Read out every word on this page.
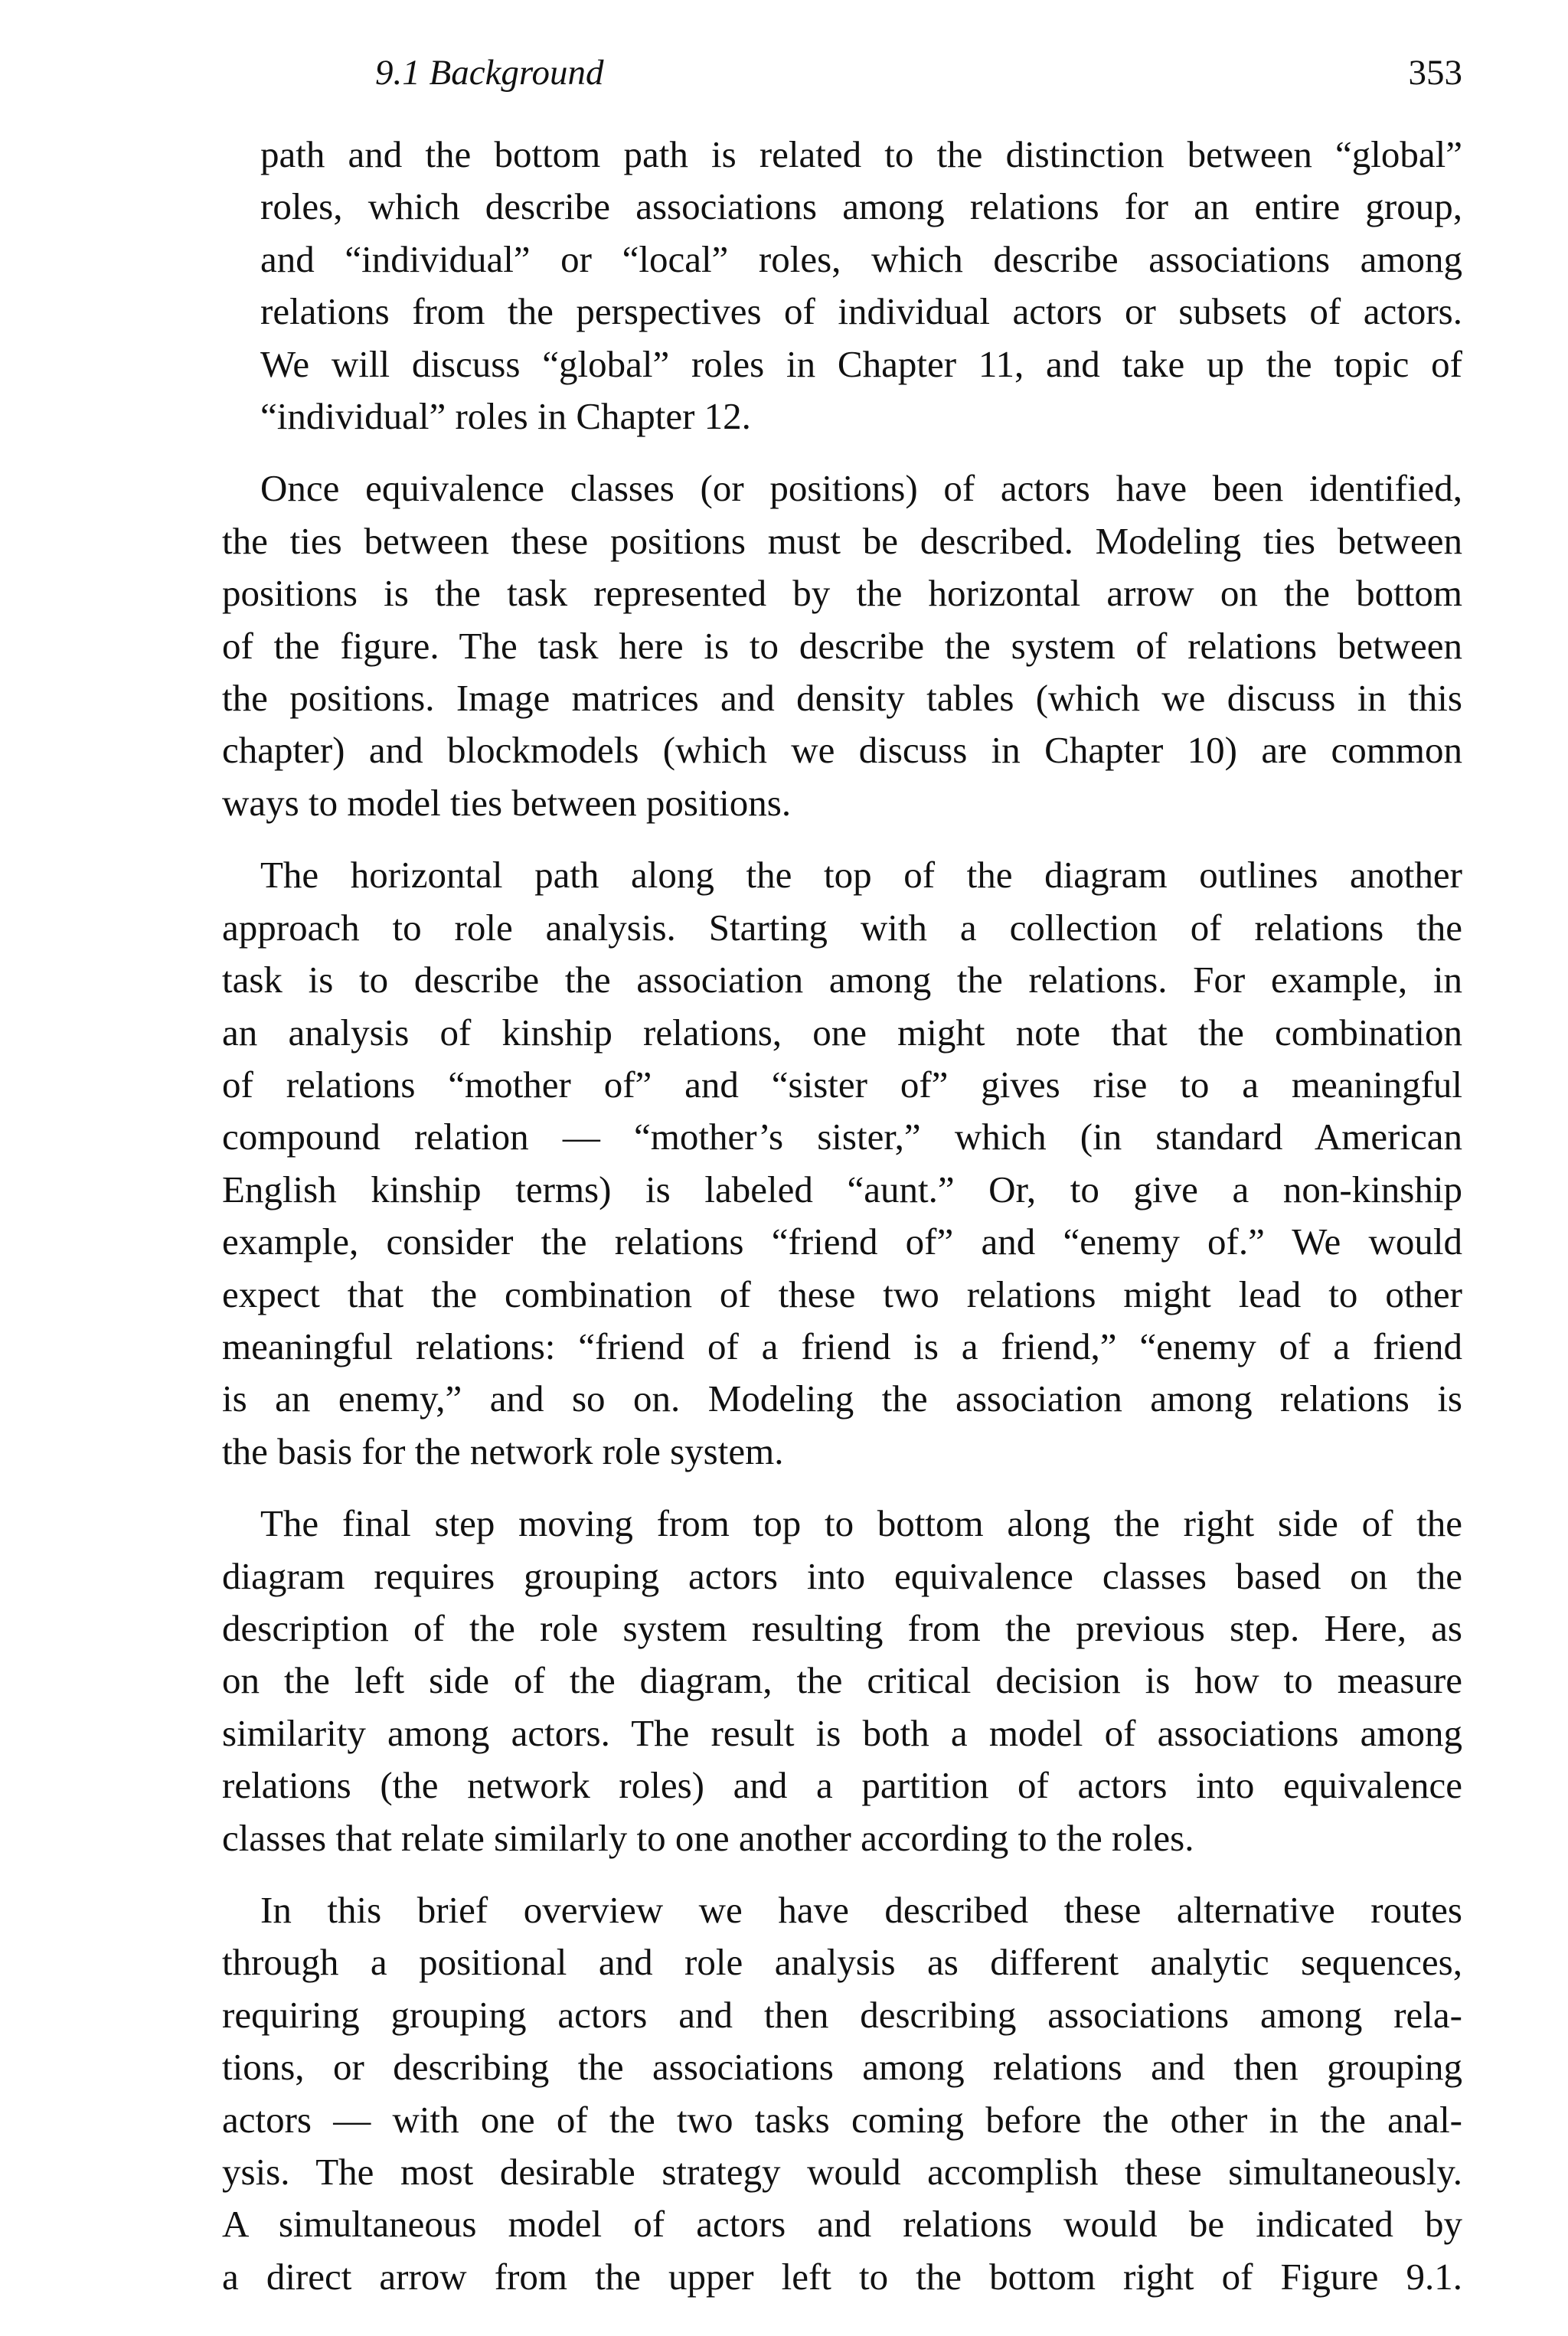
9.1 Background	353

path and the bottom path is related to the distinction between “global”
roles, which describe associations among relations for an entire group,
and “individual” or “local” roles, which describe associations among
relations from the perspectives of individual actors or subsets of actors.
We will discuss “global” roles in Chapter 11, and take up the topic of
“individual” roles in Chapter 12.

Once equivalence classes (or positions) of actors have been identified,
the ties between these positions must be described. Modeling ties between
positions is the task represented by the horizontal arrow on the bottom
of the figure. The task here is to describe the system of relations between
the positions. Image matrices and density tables (which we discuss in this
chapter) and blockmodels (which we discuss in Chapter 10) are common
ways to model ties between positions.

The horizontal path along the top of the diagram outlines another
approach to role analysis. Starting with a collection of relations the
task is to describe the association among the relations. For example, in
an analysis of kinship relations, one might note that the combination
of relations “mother of” and “sister of” gives rise to a meaningful
compound relation — “mother’s sister,” which (in standard American
English kinship terms) is labeled “aunt.” Or, to give a non-kinship
example, consider the relations “friend of” and “enemy of.” We would
expect that the combination of these two relations might lead to other
meaningful relations: “friend of a friend is a friend,” “enemy of a friend
is an enemy,” and so on. Modeling the association among relations is
the basis for the network role system.

The final step moving from top to bottom along the right side of the
diagram requires grouping actors into equivalence classes based on the
description of the role system resulting from the previous step. Here, as
on the left side of the diagram, the critical decision is how to measure
similarity among actors. The result is both a model of associations among
relations (the network roles) and a partition of actors into equivalence
classes that relate similarly to one another according to the roles.

In this brief overview we have described these alternative routes
through a positional and role analysis as different analytic sequences,
requiring grouping actors and then describing associations among rela-
tions, or describing the associations among relations and then grouping
actors — with one of the two tasks coming before the other in the anal-
ysis. The most desirable strategy would accomplish these simultaneously.
A simultaneous model of actors and relations would be indicated by
a direct arrow from the upper left to the bottom right of Figure 9.1.
